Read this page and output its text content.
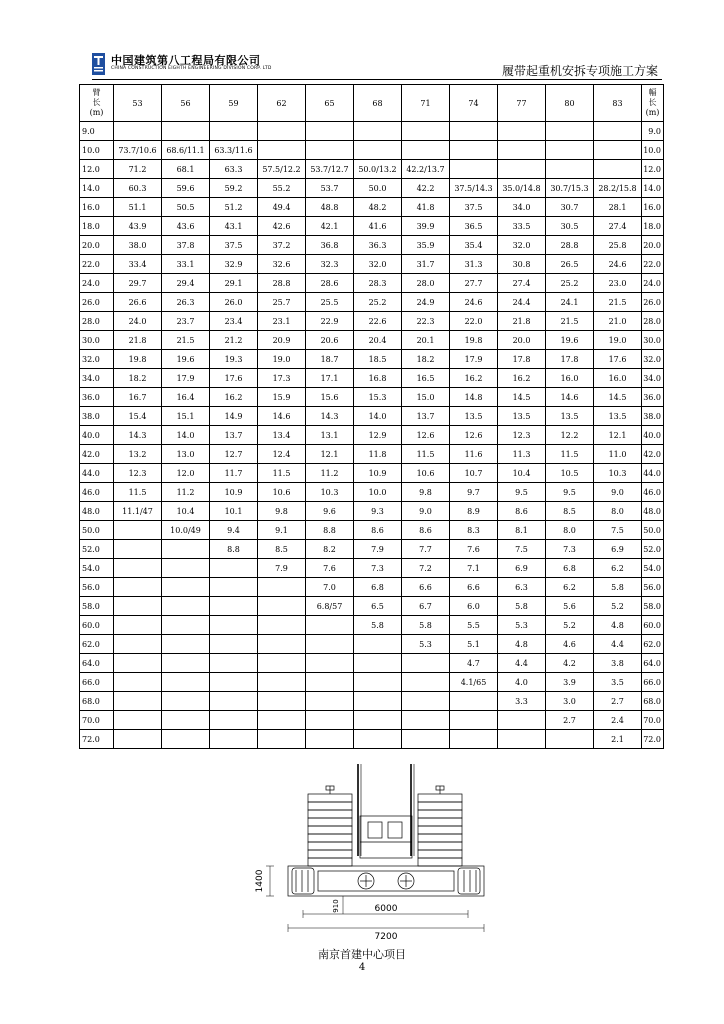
中国建筑第八工程局有限公司
CHINA CONSTRUCTION EIGHTH ENGINEERING DIVISION CORP. LTD	履带起重机安拆专项施工方案
臂
长
(m)	53	56	59	62	65	68	71	74	77	80	83	幅
长
(m)

9.0												9.0
10.0	73.7/10.6	68.6/11.1	63.3/11.6									10.0
12.0	71.2	68.1	63.3	57.5/12.2	53.7/12.7	50.0/13.2	42.2/13.7					12.0
14.0	60.3	59.6	59.2	55.2	53.7	50.0	42.2	37.5/14.3	35.0/14.8	30.7/15.3	28.2/15.8	14.0
16.0	51.1	50.5	51.2	49.4	48.8	48.2	41.8	37.5	34.0	30.7	28.1	16.0
18.0	43.9	43.6	43.1	42.6	42.1	41.6	39.9	36.5	33.5	30.5	27.4	18.0
20.0	38.0	37.8	37.5	37.2	36.8	36.3	35.9	35.4	32.0	28.8	25.8	20.0
22.0	33.4	33.1	32.9	32.6	32.3	32.0	31.7	31.3	30.8	26.5	24.6	22.0
24.0	29.7	29.4	29.1	28.8	28.6	28.3	28.0	27.7	27.4	25.2	23.0	24.0
26.0	26.6	26.3	26.0	25.7	25.5	25.2	24.9	24.6	24.4	24.1	21.5	26.0
28.0	24.0	23.7	23.4	23.1	22.9	22.6	22.3	22.0	21.8	21.5	21.0	28.0
30.0	21.8	21.5	21.2	20.9	20.6	20.4	20.1	19.8	20.0	19.6	19.0	30.0
32.0	19.8	19.6	19.3	19.0	18.7	18.5	18.2	17.9	17.8	17.8	17.6	32.0
34.0	18.2	17.9	17.6	17.3	17.1	16.8	16.5	16.2	16.2	16.0	16.0	34.0
36.0	16.7	16.4	16.2	15.9	15.6	15.3	15.0	14.8	14.5	14.6	14.5	36.0
38.0	15.4	15.1	14.9	14.6	14.3	14.0	13.7	13.5	13.5	13.5	13.5	38.0
40.0	14.3	14.0	13.7	13.4	13.1	12.9	12.6	12.6	12.3	12.2	12.1	40.0
42.0	13.2	13.0	12.7	12.4	12.1	11.8	11.5	11.6	11.3	11.5	11.0	42.0
44.0	12.3	12.0	11.7	11.5	11.2	10.9	10.6	10.7	10.4	10.5	10.3	44.0
46.0	11.5	11.2	10.9	10.6	10.3	10.0	9.8	9.7	9.5	9.5	9.0	46.0
48.0	11.1/47	10.4	10.1	9.8	9.6	9.3	9.0	8.9	8.6	8.5	8.0	48.0
50.0		10.0/49	9.4	9.1	8.8	8.6	8.6	8.3	8.1	8.0	7.5	50.0
52.0			8.8	8.5	8.2	7.9	7.7	7.6	7.5	7.3	6.9	52.0
54.0				7.9	7.6	7.3	7.2	7.1	6.9	6.8	6.2	54.0
56.0					7.0	6.8	6.6	6.6	6.3	6.2	5.8	56.0
58.0					6.8/57	6.5	6.7	6.0	5.8	5.6	5.2	58.0
60.0						5.8	5.8	5.5	5.3	5.2	4.8	60.0
62.0							5.3	5.1	4.8	4.6	4.4	62.0
64.0								4.7	4.4	4.2	3.8	64.0
66.0								4.1/65	4.0	3.9	3.5	66.0
68.0									3.3	3.0	2.7	68.0
70.0										2.7	2.4	70.0
72.0											2.1	72.0
1400
6000
7200
910
南京首建中心项目
4
